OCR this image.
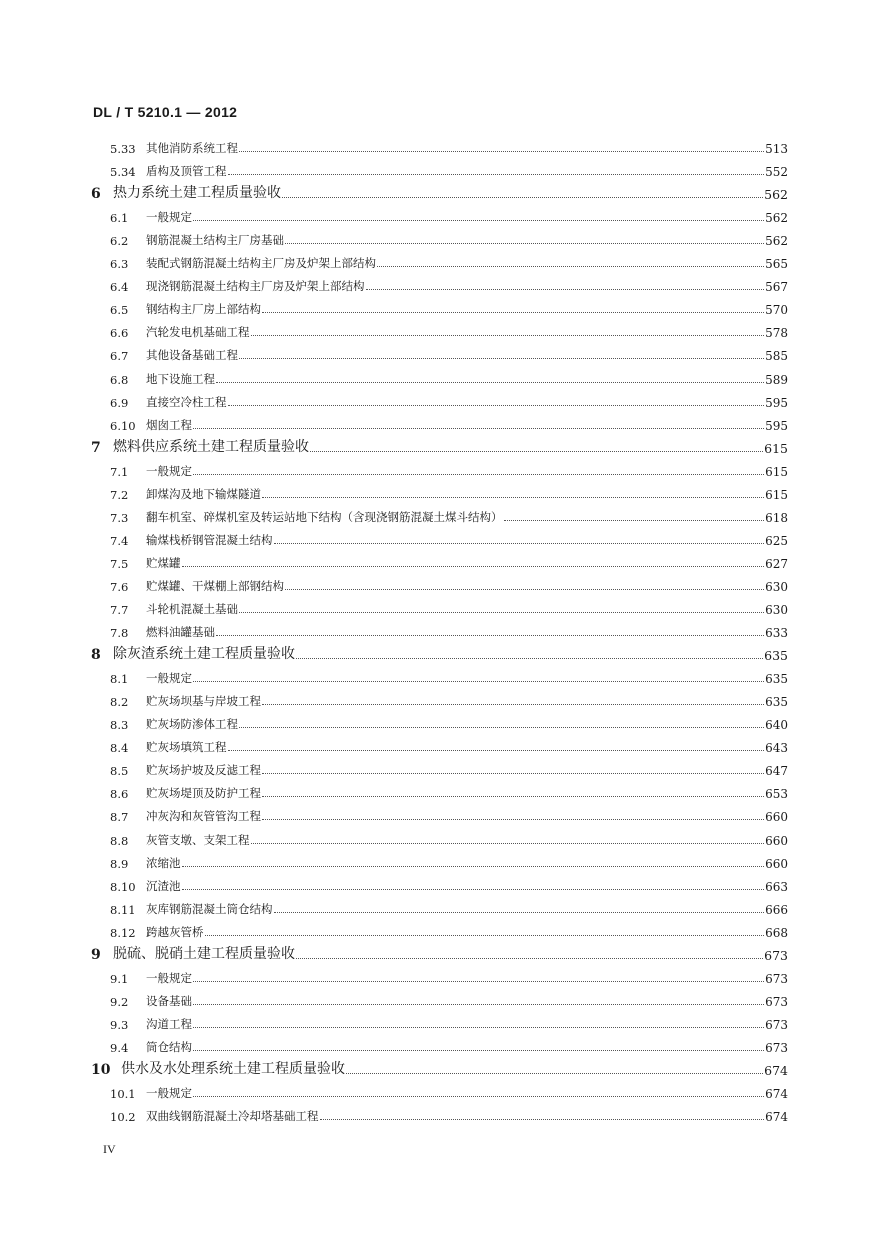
DL / T 5210.1 — 2012
5.33 其他消防系统工程	513
5.34 盾构及顶管工程	552
6 热力系统土建工程质量验收	562
6.1	一般规定	562
6.2	钢筋混凝土结构主厂房基础	562
6.3	装配式钢筋混凝土结构主厂房及炉架上部结构	565
6.4	现浇钢筋混凝土结构主厂房及炉架上部结构	567
6.5	钢结构主厂房上部结构	570
6.6	汽轮发电机基础工程	578
6.7	其他设备基础工程	585
6.8	地下设施工程	589
6.9	直接空冷柱工程	595
6.10 烟囱工程	595
7 燃料供应系统土建工程质量验收	615
7.1	一般规定	615
7.2	卸煤沟及地下输煤隧道	615
7.3	翻车机室、碎煤机室及转运站地下结构（含现浇钢筋混凝土煤斗结构）	618
7.4	输煤栈桥钢管混凝土结构	625
7.5	贮煤罐	627
7.6	贮煤罐、干煤棚上部钢结构	630
7.7	斗轮机混凝土基础	630
7.8	燃料油罐基础	633
8 除灰渣系统土建工程质量验收	635
8.1	一般规定	635
8.2	贮灰场坝基与岸坡工程	635
8.3	贮灰场防渗体工程	640
8.4	贮灰场填筑工程	643
8.5	贮灰场护坡及反滤工程	647
8.6	贮灰场堤顶及防护工程	653
8.7	冲灰沟和灰管管沟工程	660
8.8	灰管支墩、支架工程	660
8.9	浓缩池	660
8.10 沉渣池	663
8.11 灰库钢筋混凝土筒仓结构	666
8.12 跨越灰管桥	668
9 脱硫、脱硝土建工程质量验收	673
9.1	一般规定	673
9.2	设备基础	673
9.3	沟道工程	673
9.4	筒仓结构	673
10 供水及水处理系统土建工程质量验收	674
10.1 一般规定	674
10.2 双曲线钢筋混凝土冷却塔基础工程	674
IV
